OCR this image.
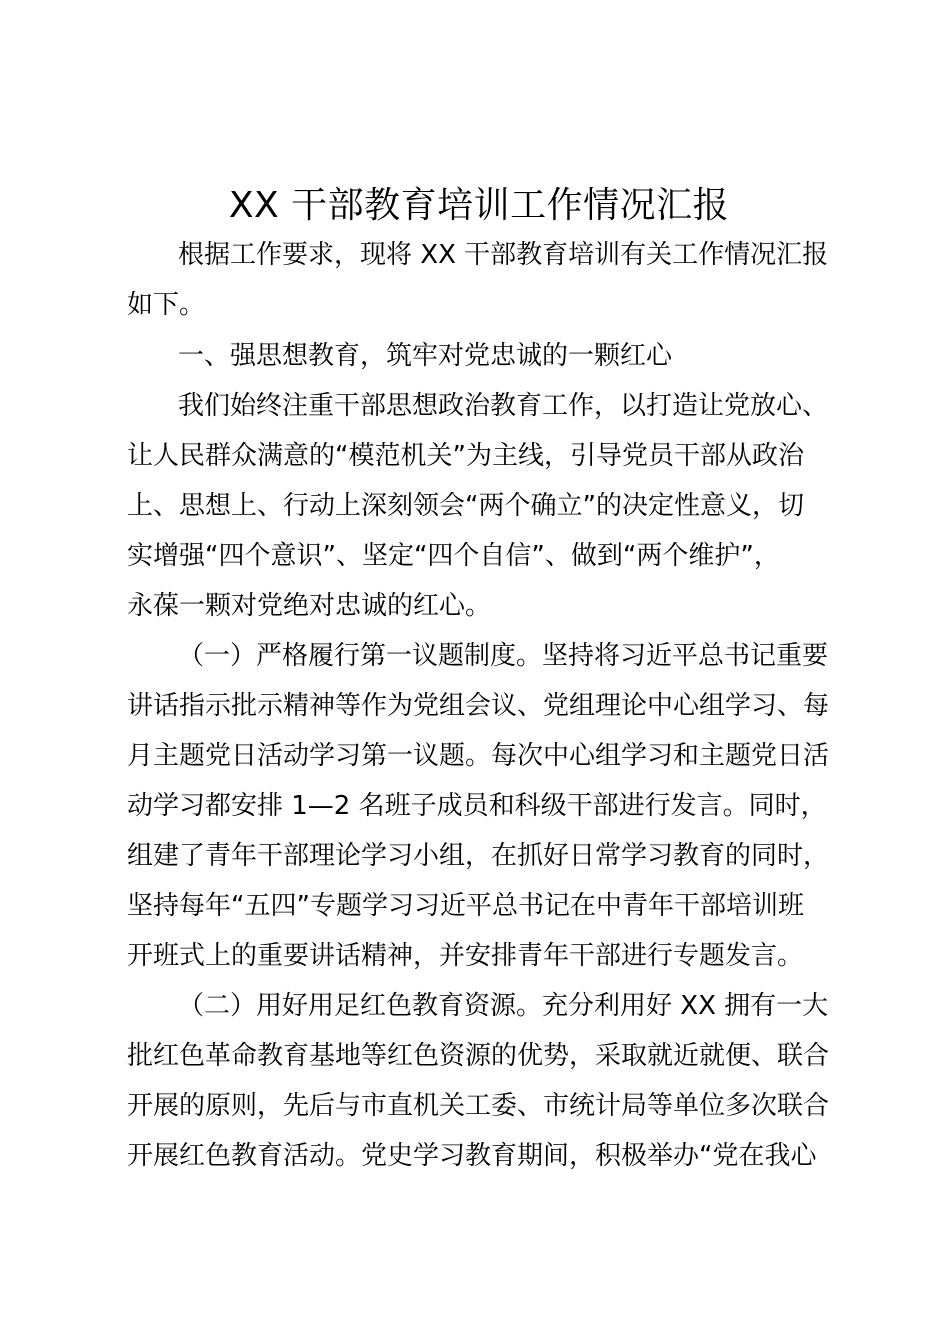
XX 干部教育培训工作情况汇报
根据工作要求，现将 XX 干部教育培训有关工作情况汇报
如下。
一、强思想教育，筑牢对党忠诚的一颗红心
我们始终注重干部思想政治教育工作，以打造让党放心、
让人民群众满意的“模范机关”为主线，引导党员干部从政治
上、思想上、行动上深刻领会“两个确立”的决定性意义，切
实增强“四个意识”、坚定“四个自信”、做到“两个维护”，
永葆一颗对党绝对忠诚的红心。
（一）严格履行第一议题制度。坚持将习近平总书记重要
讲话指示批示精神等作为党组会议、党组理论中心组学习、每
月主题党日活动学习第一议题。每次中心组学习和主题党日活
动学习都安排 1—2 名班子成员和科级干部进行发言。同时，
组建了青年干部理论学习小组，在抓好日常学习教育的同时，
坚持每年“五四”专题学习习近平总书记在中青年干部培训班
开班式上的重要讲话精神，并安排青年干部进行专题发言。
（二）用好用足红色教育资源。充分利用好 XX 拥有一大
批红色革命教育基地等红色资源的优势，采取就近就便、联合
开展的原则，先后与市直机关工委、市统计局等单位多次联合
开展红色教育活动。党史学习教育期间，积极举办“党在我心
